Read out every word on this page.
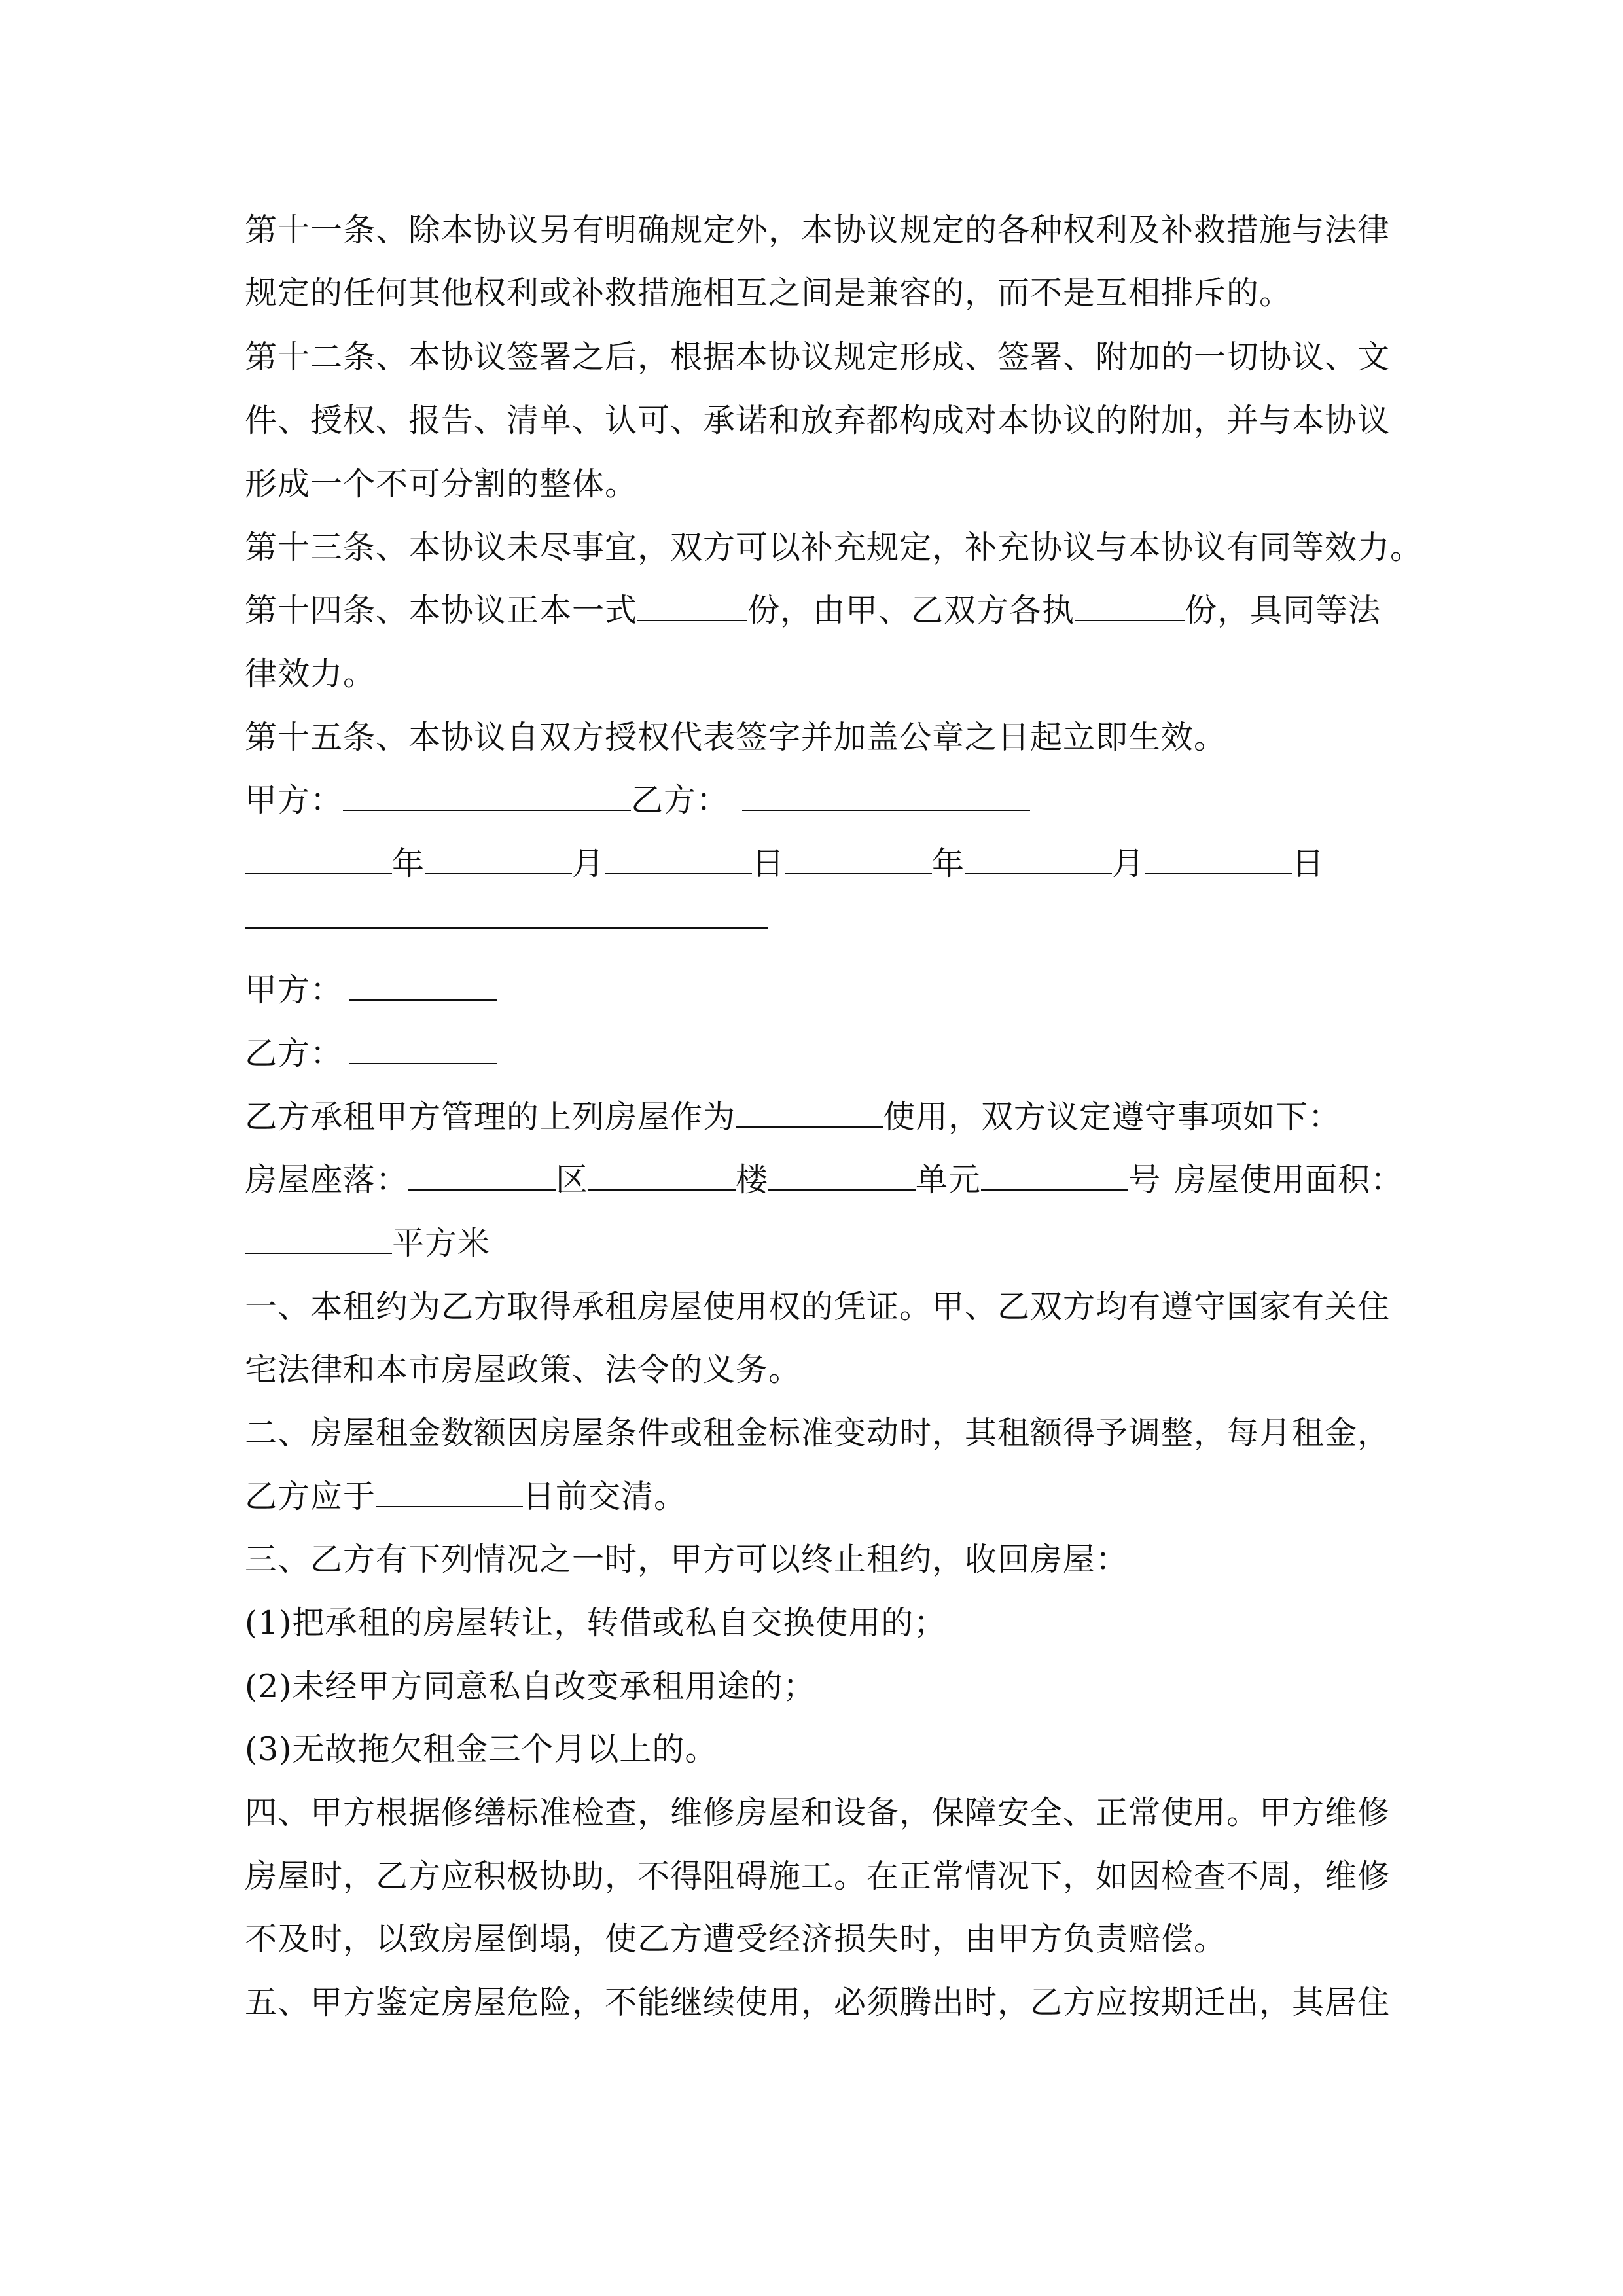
第十一条、除本协议另有明确规定外，本协议规定的各种权利及补救措施与法律
规定的任何其他权利或补救措施相互之间是兼容的，而不是互相排斥的。
第十二条、本协议签署之后，根据本协议规定形成、签署、附加的一切协议、文
件、授权、报告、清单、认可、承诺和放弃都构成对本协议的附加，并与本协议
形成一个不可分割的整体。
第十三条、本协议未尽事宜，双方可以补充规定，补充协议与本协议有同等效力。
第十四条、本协议正本一式	份，由甲、乙双方各执	份，具同等法
律效力。
第十五条、本协议自双方授权代表签字并加盖公章之日起立即生效。
甲方：	乙方：
年	月	日	年	月	日
甲方：
乙方：
乙方承租甲方管理的上列房屋作为	使用，双方议定遵守事项如下：
房屋座落：	区	楼	单元	号 房屋使用面积：
平方米
一、本租约为乙方取得承租房屋使用权的凭证。甲、乙双方均有遵守国家有关住
宅法律和本市房屋政策、法令的义务。
二、房屋租金数额因房屋条件或租金标准变动时，其租额得予调整，每月租金，
乙方应于	日前交清。
三、乙方有下列情况之一时，甲方可以终止租约，收回房屋：
(1)把承租的房屋转让，转借或私自交换使用的；
(2)未经甲方同意私自改变承租用途的；
(3)无故拖欠租金三个月以上的。
四、甲方根据修缮标准检查，维修房屋和设备，保障安全、正常使用。甲方维修
房屋时，乙方应积极协助，不得阻碍施工。在正常情况下，如因检查不周，维修
不及时，以致房屋倒塌，使乙方遭受经济损失时，由甲方负责赔偿。
五、甲方鉴定房屋危险，不能继续使用，必须腾出时，乙方应按期迁出，其居住
